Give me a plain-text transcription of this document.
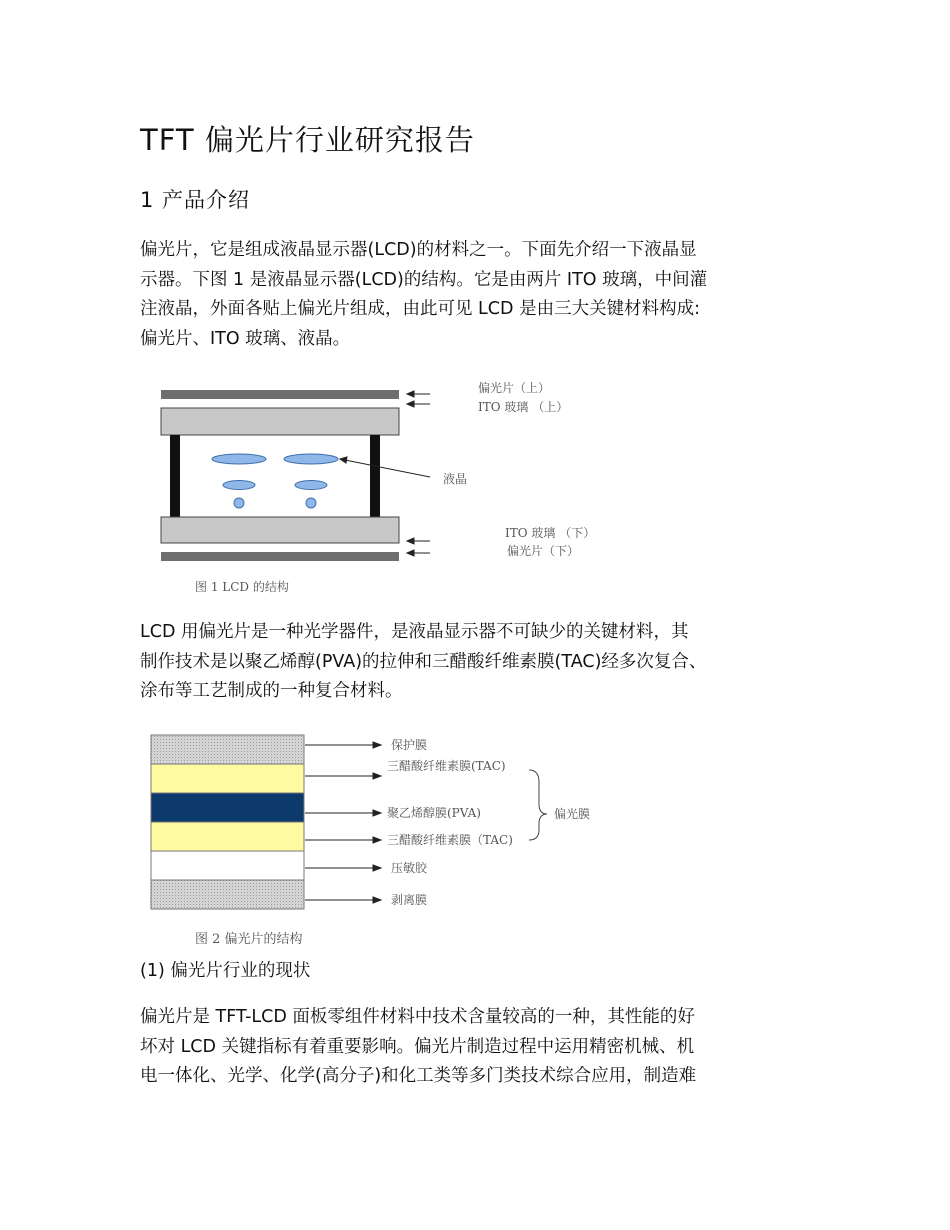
TFT 偏光片行业研究报告
1 产品介绍

偏光片，它是组成液晶显示器(LCD)的材料之一。下面先介绍一下液晶显

示器。下图 1 是液晶显示器(LCD)的结构。它是由两片 ITO 玻璃，中间灌

注液晶，外面各贴上偏光片组成，由此可见 LCD 是由三大关键材料构成:

偏光片、ITO 玻璃、液晶。

偏光片（上）
ITO 玻璃 （上）
液晶
ITO 玻璃 （下）
偏光片（下）
图 1 LCD 的结构

LCD 用偏光片是一种光学器件，是液晶显示器不可缺少的关键材料，其

制作技术是以聚乙烯醇(PVA)的拉伸和三醋酸纤维素膜(TAC)经多次复合、

涂布等工艺制成的一种复合材料。

保护膜
三醋酸纤维素膜(TAC)
聚乙烯醇膜(PVA)
三醋酸纤维素膜（TAC)
压敏胶
剥离膜
偏光膜
图 2 偏光片的结构
(1) 偏光片行业的现状

偏光片是 TFT-LCD 面板零组件材料中技术含量较高的一种，其性能的好

坏对 LCD 关键指标有着重要影响。偏光片制造过程中运用精密机械、机

电一体化、光学、化学(高分子)和化工类等多门类技术综合应用，制造难
